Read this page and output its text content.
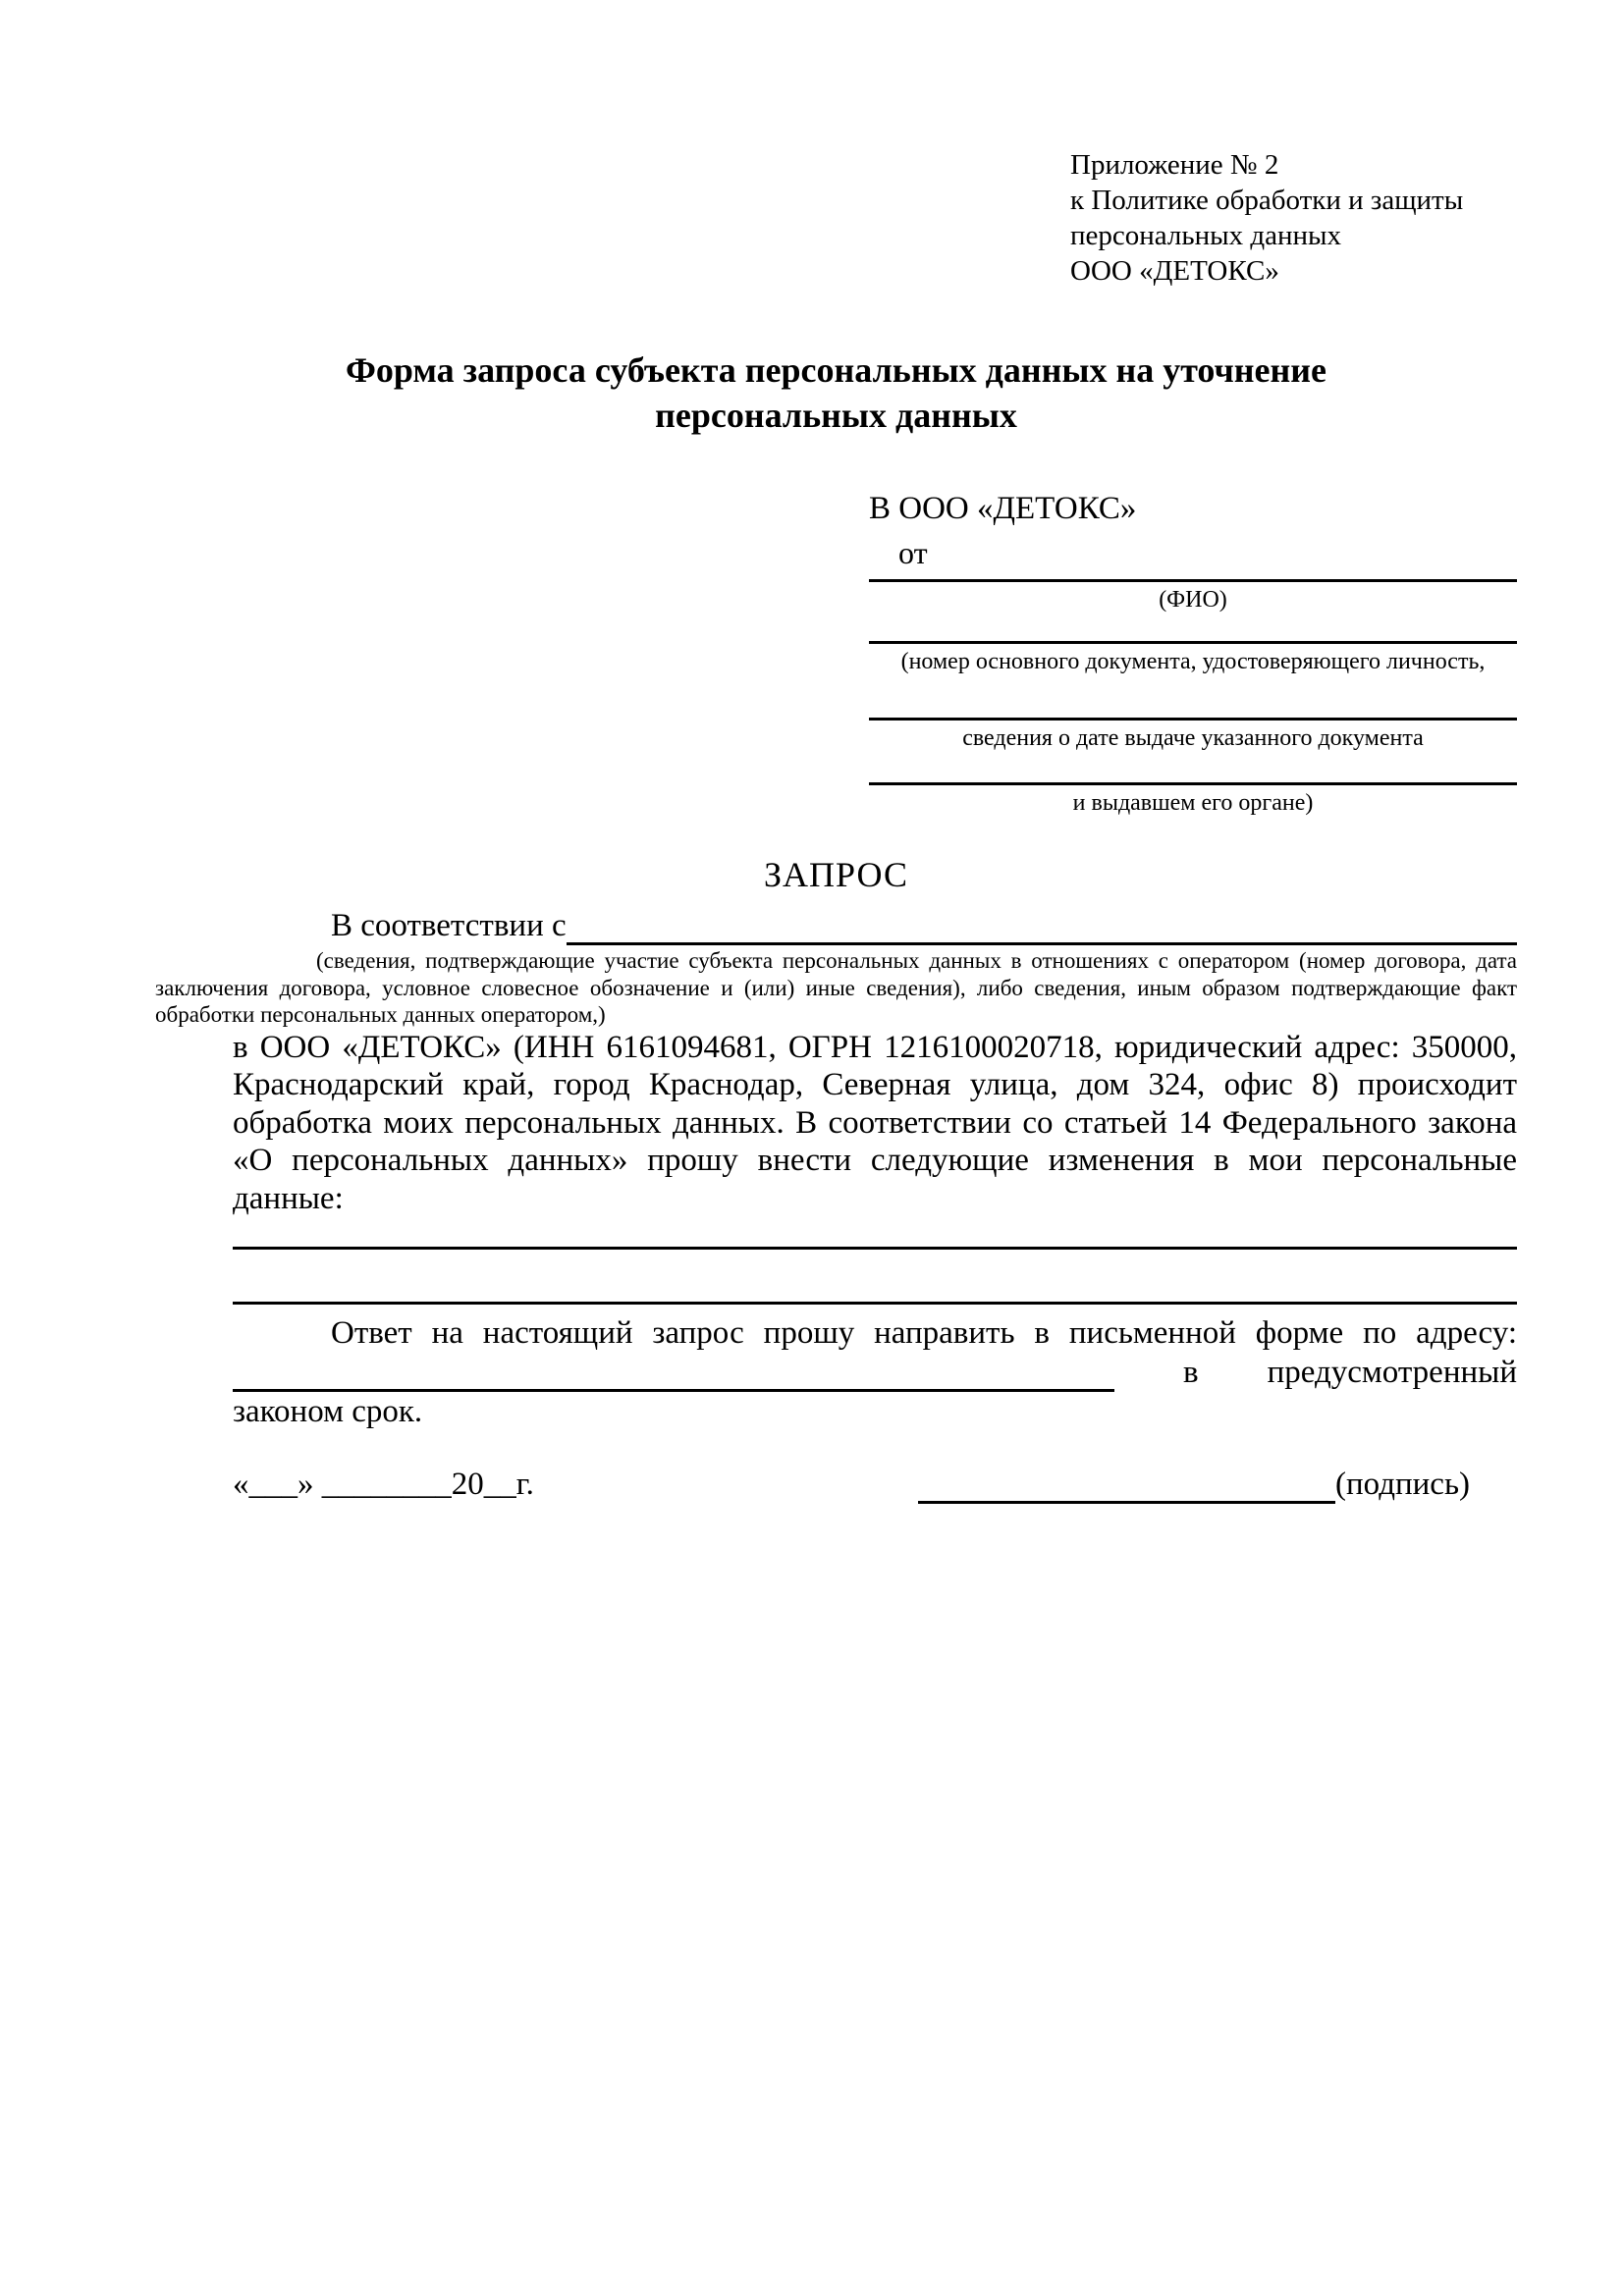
Приложение № 2
к Политике обработки и защиты
персональных данных
ООО «ДЕТОКС»
Форма запроса субъекта персональных данных на уточнение
персональных данных
В ООО «ДЕТОКС»
от
(ФИО)
(номер основного документа, удостоверяющего личность,
сведения о дате выдаче указанного документа
и выдавшем его органе)
ЗАПРОС
В соответствии с

(сведения, подтверждающие участие субъекта персональных данных в отношениях с оператором (номер договора, дата заключения договора, условное словесное обозначение и (или) иные сведения), либо сведения, иным образом подтверждающие факт обработки персональных данных оператором,)

в ООО «ДЕТОКС» (ИНН 6161094681, ОГРН 1216100020718, юридический адрес: 350000, Краснодарский край, город Краснодар, Северная улица, дом 324, офис 8) происходит обработка моих персональных данных. В соответствии со статьей 14 Федерального закона «О персональных данных» прошу внести следующие изменения в мои персональные данные:

Ответ на настоящий запрос прошу направить в письменной форме по адресу:
в предусмотренный
законом срок.
«___» ________20__г.	(подпись)
